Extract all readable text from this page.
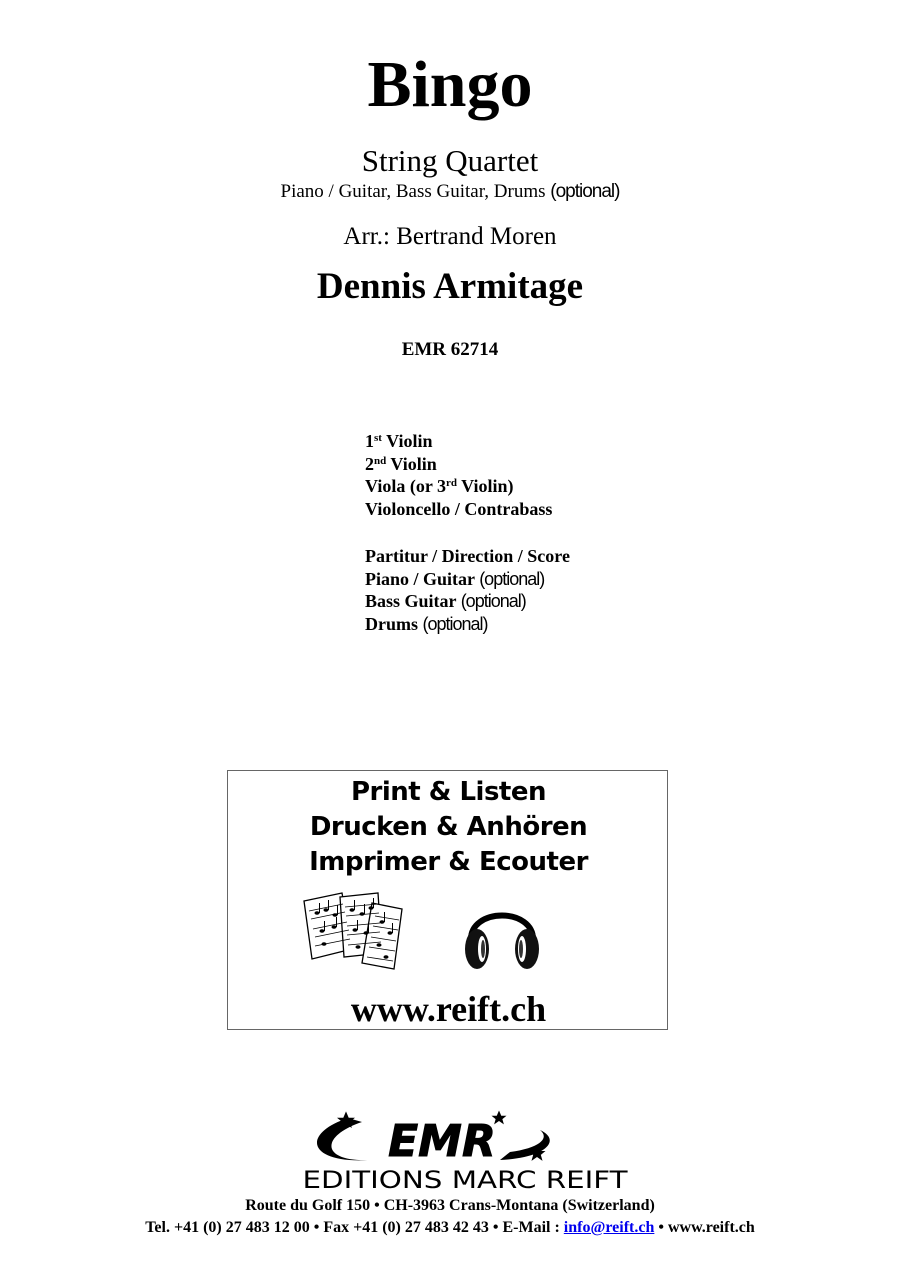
Bingo
String Quartet
Piano / Guitar, Bass Guitar, Drums (optional)
Arr.: Bertrand Moren
Dennis Armitage
EMR 62714
1st Violin
2nd Violin
Viola (or 3rd Violin)
Violoncello / Contrabass
Partitur / Direction / Score
Piano / Guitar (optional)
Bass Guitar (optional)
Drums (optional)
Print & Listen
Drucken & Anhören
Imprimer & Ecouter
www.reift.ch
EMR
EDITIONS MARC REIFT
Route du Golf 150 • CH-3963 Crans-Montana (Switzerland)
Tel. +41 (0) 27 483 12 00 • Fax +41 (0) 27 483 42 43 • E-Mail : info@reift.ch • www.reift.ch
